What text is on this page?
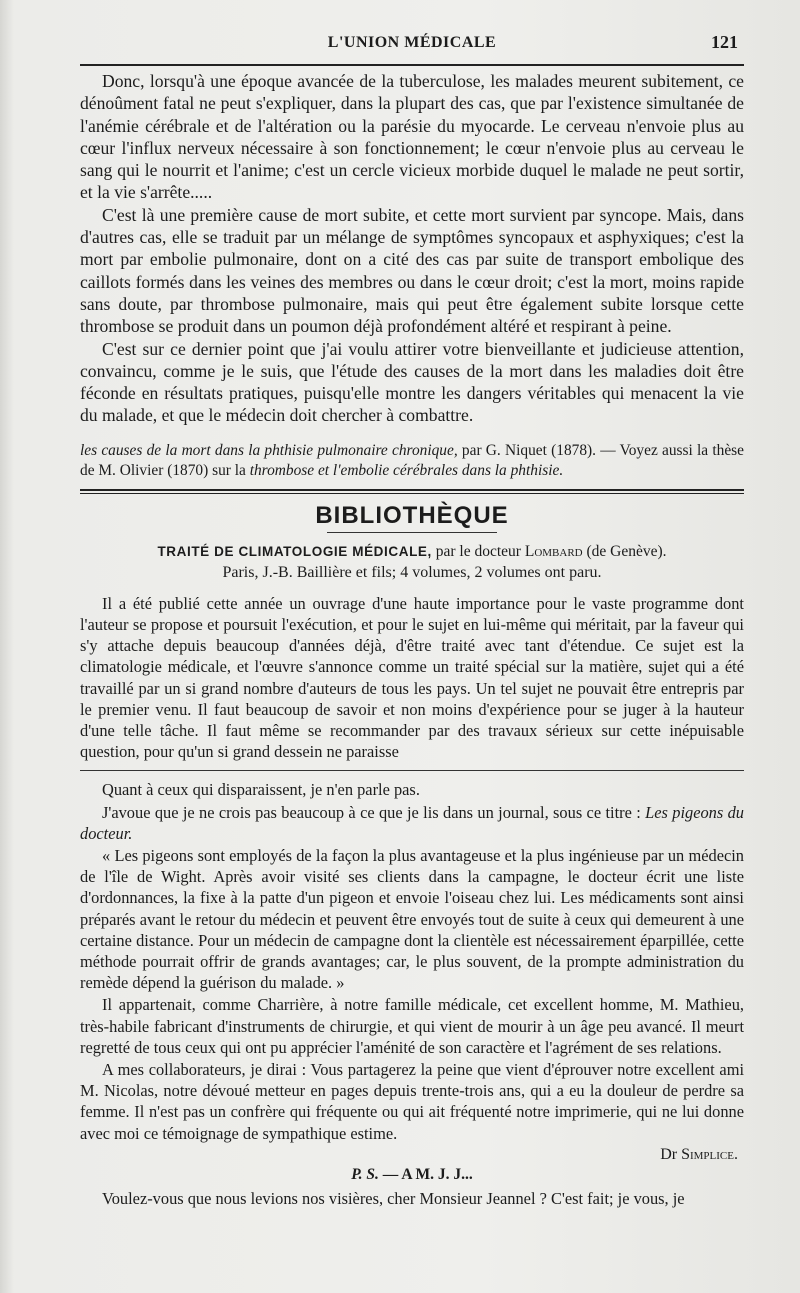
L'UNION MÉDICALE	121

Donc, lorsqu'à une époque avancée de la tuberculose, les malades meurent subitement, ce dénoûment fatal ne peut s'expliquer, dans la plupart des cas, que par l'existence simultanée de l'anémie cérébrale et de l'altération ou la parésie du myocarde. Le cerveau n'envoie plus au cœur l'influx nerveux nécessaire à son fonctionnement; le cœur n'envoie plus au cerveau le sang qui le nourrit et l'anime; c'est un cercle vicieux morbide duquel le malade ne peut sortir, et la vie s'arrête.....

C'est là une première cause de mort subite, et cette mort survient par syncope. Mais, dans d'autres cas, elle se traduit par un mélange de symptômes syncopaux et asphyxiques; c'est la mort par embolie pulmonaire, dont on a cité des cas par suite de transport embolique des caillots formés dans les veines des membres ou dans le cœur droit; c'est la mort, moins rapide sans doute, par thrombose pulmonaire, mais qui peut être également subite lorsque cette thrombose se produit dans un poumon déjà profondément altéré et respirant à peine.

C'est sur ce dernier point que j'ai voulu attirer votre bienveillante et judicieuse attention, convaincu, comme je le suis, que l'étude des causes de la mort dans les maladies doit être féconde en résultats pratiques, puisqu'elle montre les dangers véritables qui menacent la vie du malade, et que le médecin doit chercher à combattre.

les causes de la mort dans la phthisie pulmonaire chronique, par G. Niquet (1878). — Voyez aussi la thèse de M. Olivier (1870) sur la thrombose et l'embolie cérébrales dans la phthisie.

BIBLIOTHÈQUE
TRAITÉ DE CLIMATOLOGIE MÉDICALE, par le docteur Lombard (de Genève).
Paris, J.-B. Baillière et fils; 4 volumes, 2 volumes ont paru.

Il a été publié cette année un ouvrage d'une haute importance pour le vaste programme dont l'auteur se propose et poursuit l'exécution, et pour le sujet en lui-même qui méritait, par la faveur qui s'y attache depuis beaucoup d'années déjà, d'être traité avec tant d'étendue. Ce sujet est la climatologie médicale, et l'œuvre s'annonce comme un traité spécial sur la matière, sujet qui a été travaillé par un si grand nombre d'auteurs de tous les pays. Un tel sujet ne pouvait être entrepris par le premier venu. Il faut beaucoup de savoir et non moins d'expérience pour se juger à la hauteur d'une telle tâche. Il faut même se recommander par des travaux sérieux sur cette inépuisable question, pour qu'un si grand dessein ne paraisse

Quant à ceux qui disparaissent, je n'en parle pas.

J'avoue que je ne crois pas beaucoup à ce que je lis dans un journal, sous ce titre : Les pigeons du docteur.

« Les pigeons sont employés de la façon la plus avantageuse et la plus ingénieuse par un médecin de l'île de Wight. Après avoir visité ses clients dans la campagne, le docteur écrit une liste d'ordonnances, la fixe à la patte d'un pigeon et envoie l'oiseau chez lui. Les médicaments sont ainsi préparés avant le retour du médecin et peuvent être envoyés tout de suite à ceux qui demeurent à une certaine distance. Pour un médecin de campagne dont la clientèle est nécessairement éparpillée, cette méthode pourrait offrir de grands avantages; car, le plus souvent, de la prompte administration du remède dépend la guérison du malade. »

Il appartenait, comme Charrière, à notre famille médicale, cet excellent homme, M. Mathieu, très-habile fabricant d'instruments de chirurgie, et qui vient de mourir à un âge peu avancé. Il meurt regretté de tous ceux qui ont pu apprécier l'aménité de son caractère et l'agrément de ses relations.

A mes collaborateurs, je dirai : Vous partagerez la peine que vient d'éprouver notre excellent ami M. Nicolas, notre dévoué metteur en pages depuis trente-trois ans, qui a eu la douleur de perdre sa femme. Il n'est pas un confrère qui fréquente ou qui ait fréquenté notre imprimerie, qui ne lui donne avec moi ce témoignage de sympathique estime.

Dr Simplice.
P. S. — A M. J. J...

Voulez-vous que nous levions nos visières, cher Monsieur Jeannel ? C'est fait; je vous, je
